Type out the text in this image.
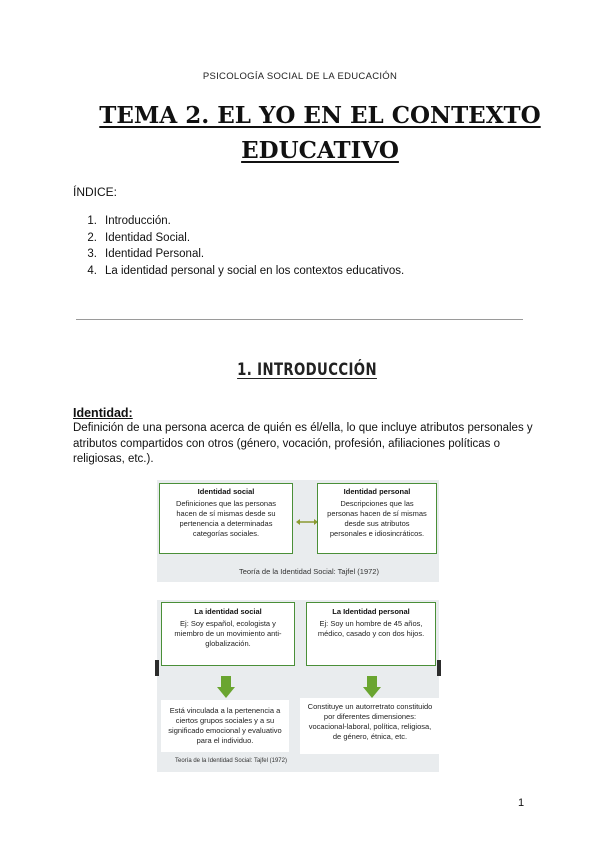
PSICOLOGÍA SOCIAL DE LA EDUCACIÓN
TEMA 2. EL YO EN EL CONTEXTO
EDUCATIVO
ÍNDICE:
1. Introducción.
2. Identidad Social.
3. Identidad Personal.
4. La identidad personal y social en los contextos educativos.
1. INTRODUCCIÓN
Identidad:
Definición de una persona acerca de quién es él/ella, lo que incluye atributos personales y atributos compartidos con otros (género, vocación, profesión, afiliaciones políticas o religiosas, etc.).
Identidad social
Definiciones que las personas hacen de sí mismas desde su pertenencia a determinadas categorías sociales.
Identidad personal
Descripciones que las personas hacen de sí mismas desde sus atributos personales e idiosincráticos.
Teoría de la Identidad Social: Tajfel (1972)
La identidad social
Ej: Soy español, ecologista y miembro de un movimiento anti-globalización.
La Identidad personal
Ej: Soy un hombre de 45 años, médico, casado y con dos hijos.
Está vinculada a la pertenencia a ciertos grupos sociales y a su significado emocional y evaluativo para el individuo.
Constituye un autorretrato constituido por diferentes dimensiones: vocacional-laboral, política, religiosa, de género, étnica, etc.
Teoría de la Identidad Social: Tajfel (1972)
1
